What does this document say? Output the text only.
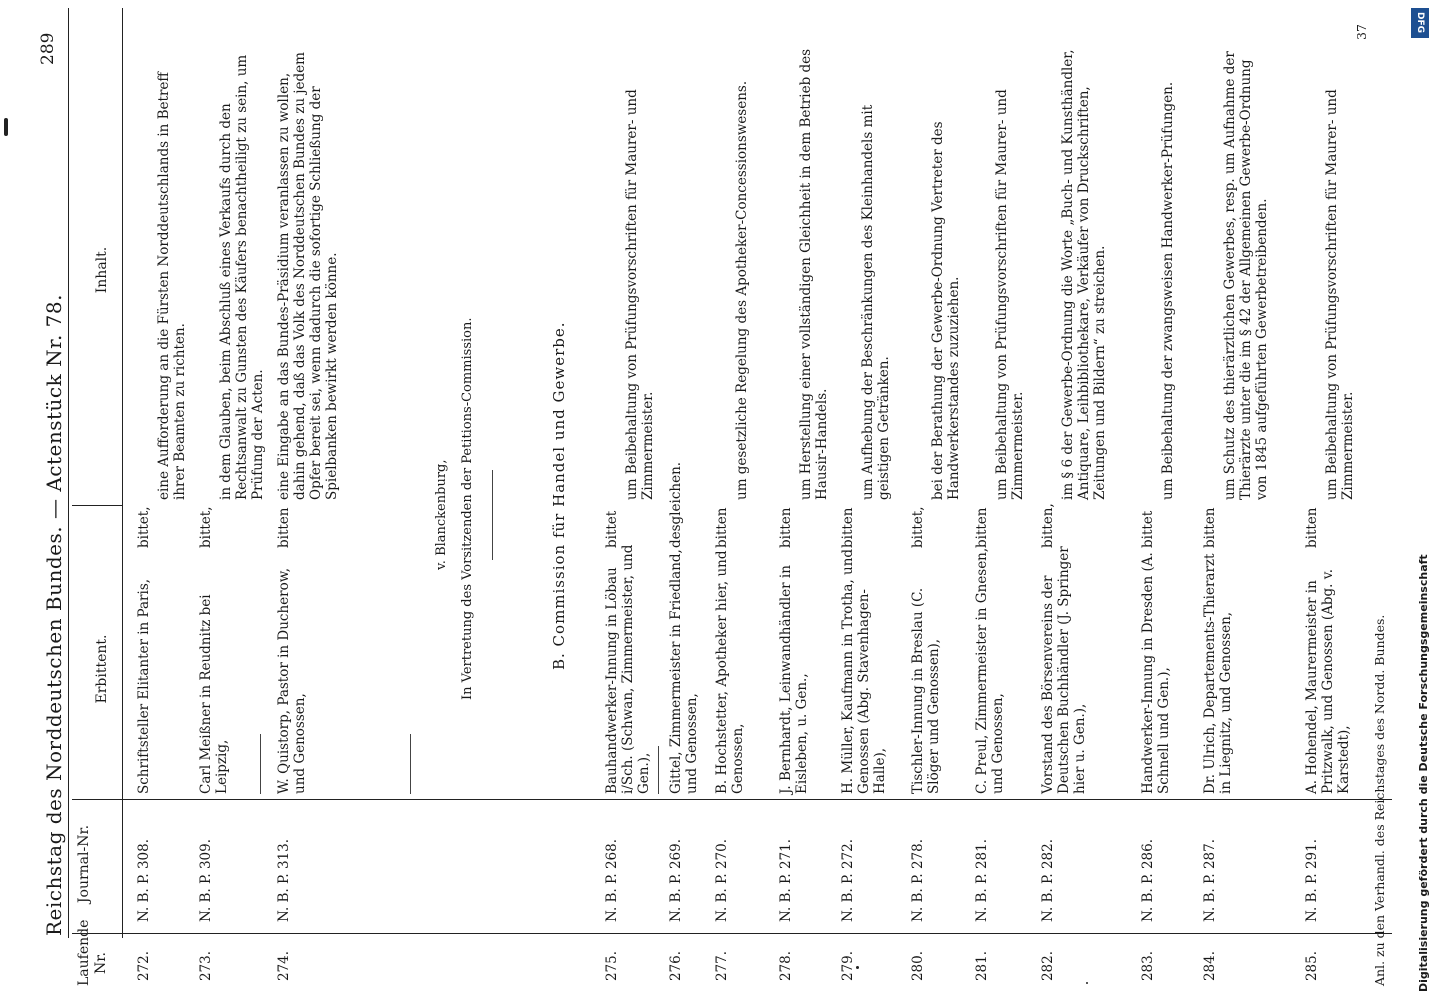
Reichstag des Norddeutschen Bundes. — Actenstück Nr. 78.
289
Laufende Nr.
Journal-Nr.
Erbittent.
Inhalt.
272.
N. B. P. 308.
Schriftsteller Elitanter in Paris,
bittet,
eine Aufforderung an die Fürsten Norddeutschlands in Betreff ihrer Beamten zu richten.
273.
N. B. P. 309.
Carl Meißner in Reudnitz bei Leipzig,
bittet,
in dem Glauben, beim Abschluß eines Verkaufs durch den Rechtsanwalt zu Gunsten des Käufers benachtheiligt zu sein, um Prüfung der Acten.
274.
N. B. P. 313.
W. Quistorp, Pastor in Ducherow, und Genossen,
bitten
eine Eingabe an das Bundes-Präsidium veranlassen zu wollen, dahin gehend, daß das Volk des Norddeutschen Bundes zu jedem Opfer bereit sei, wenn dadurch die sofortige Schließung der Spielbanken bewirkt werden könne.
v. Blanckenburg, In Vertretung des Vorsitzenden der Petitions-Commission.	B. Commission für Handel und Gewerbe.
275.
N. B. P. 268.
Bauhandwerker-Innung in Löbau i/Sch. (Schwan, Zimmermeister, und Gen.),
bittet
um Beibehaltung von Prüfungsvorschriften für Maurer- und Zimmermeister.
276.
N. B. P. 269.
Gittel, Zimmermeister in Friedland, und Genossen,
desgleichen.
277.
N. B. P. 270.
B. Hochstetter, Apotheker hier, und Genossen,
bitten
um gesetzliche Regelung des Apotheker-Concessionswesens.
278.
N. B. P. 271.
J. Bernhardt, Leinwandhändler in Eisleben, u. Gen.,
bitten
um Herstellung einer vollständigen Gleichheit in dem Betrieb des Hausir-Handels.
279.
N. B. P. 272.
H. Müller, Kaufmann in Trotha, und Genossen (Abg. Stavenhagen-Halle),
bitten
um Aufhebung der Beschränkungen des Kleinhandels mit geistigen Getränken.
280.
N. B. P. 278.
Tischler-Innung in Breslau (C. Slöger und Genossen),
bittet,
bei der Berathung der Gewerbe-Ordnung Vertreter des Handwerkerstandes zuzuziehen.
281.
N. B. P. 281.
C. Preul, Zimmermeister in Gnesen, und Genossen,
bitten
um Beibehaltung von Prüfungsvorschriften für Maurer- und Zimmermeister.
282.
N. B. P. 282.
Vorstand des Börsenvereins der Deutschen Buchhändler (J. Springer hier u. Gen.),
bitten,
im § 6 der Gewerbe-Ordnung die Worte „Buch- und Kunsthändler, Antiquare, Leihbibliothekare, Verkäufer von Druckschriften, Zeitungen und Bildern“ zu streichen.
283.
N. B. P. 286.
Handwerker-Innung in Dresden (A. Schnell und Gen.),
bittet
um Beibehaltung der zwangsweisen Handwerker-Prüfungen.
284.
N. B. P. 287.
Dr. Ulrich, Departements-Thierarzt in Liegnitz, und Genossen,
bitten
um Schutz des thierärztlichen Gewerbes, resp. um Aufnahme der Thierärzte unter die im § 42 der Allgemeinen Gewerbe-Ordnung von 1845 aufgeführten Gewerbetreibenden.
285.
N. B. P. 291.
A. Hohendel, Maurermeister in Pritzwalk, und Genossen (Abg. v. Karstedt),
bitten
um Beibehaltung von Prüfungsvorschriften für Maurer- und Zimmermeister.
Anl. zu den Verhandl. des Reichstages des Nordd. Bundes.
37
Digitalisierung gefördert durch die Deutsche Forschungsgemeinschaft
DFG
